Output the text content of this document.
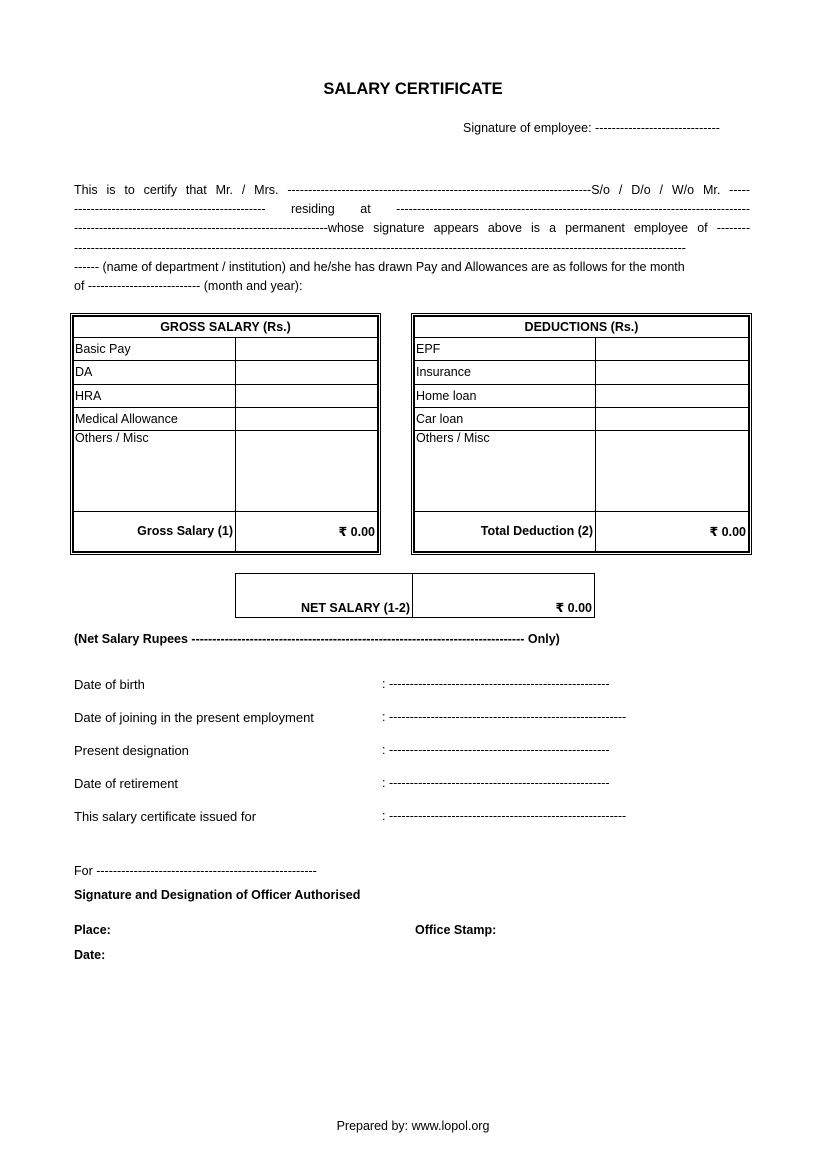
SALARY CERTIFICATE
Signature of employee: ------------------------------
This is to certify that Mr. / Mrs. -------------------------------------------------------------------------S/o / D/o / W/o Mr. -----
---------------------------------------------- residing at -------------------------------------------------------------------------------------
-------------------------------------------------------------whose signature appears above is a permanent employee of --------
---------------------------------------------------------------------------------------------------------------------------------------------------
------ (name of department / institution) and he/she has drawn Pay and Allowances are as follows for the month
of --------------------------- (month and year):
GROSS SALARY (Rs.)	
Basic Pay	
DA	
HRA	
Medical Allowance	
Others / Misc	
Gross Salary (1)	₹ 0.00
DEDUCTIONS (Rs.)	
EPF	
Insurance	
Home loan	
Car loan	
Others / Misc	
Total Deduction (2)	₹ 0.00
NET SALARY (1-2)	₹ 0.00
(Net Salary Rupees -------------------------------------------------------------------------------- Only)
Date of birth	: -----------------------------------------------------
Date of joining in the present employment	: ---------------------------------------------------------
Present designation	: -----------------------------------------------------
Date of retirement	: -----------------------------------------------------
This salary certificate issued for	: ---------------------------------------------------------
For -----------------------------------------------------
Signature and Designation of Officer Authorised
Place:	Office Stamp:
Date:
Prepared by: www.lopol.org
